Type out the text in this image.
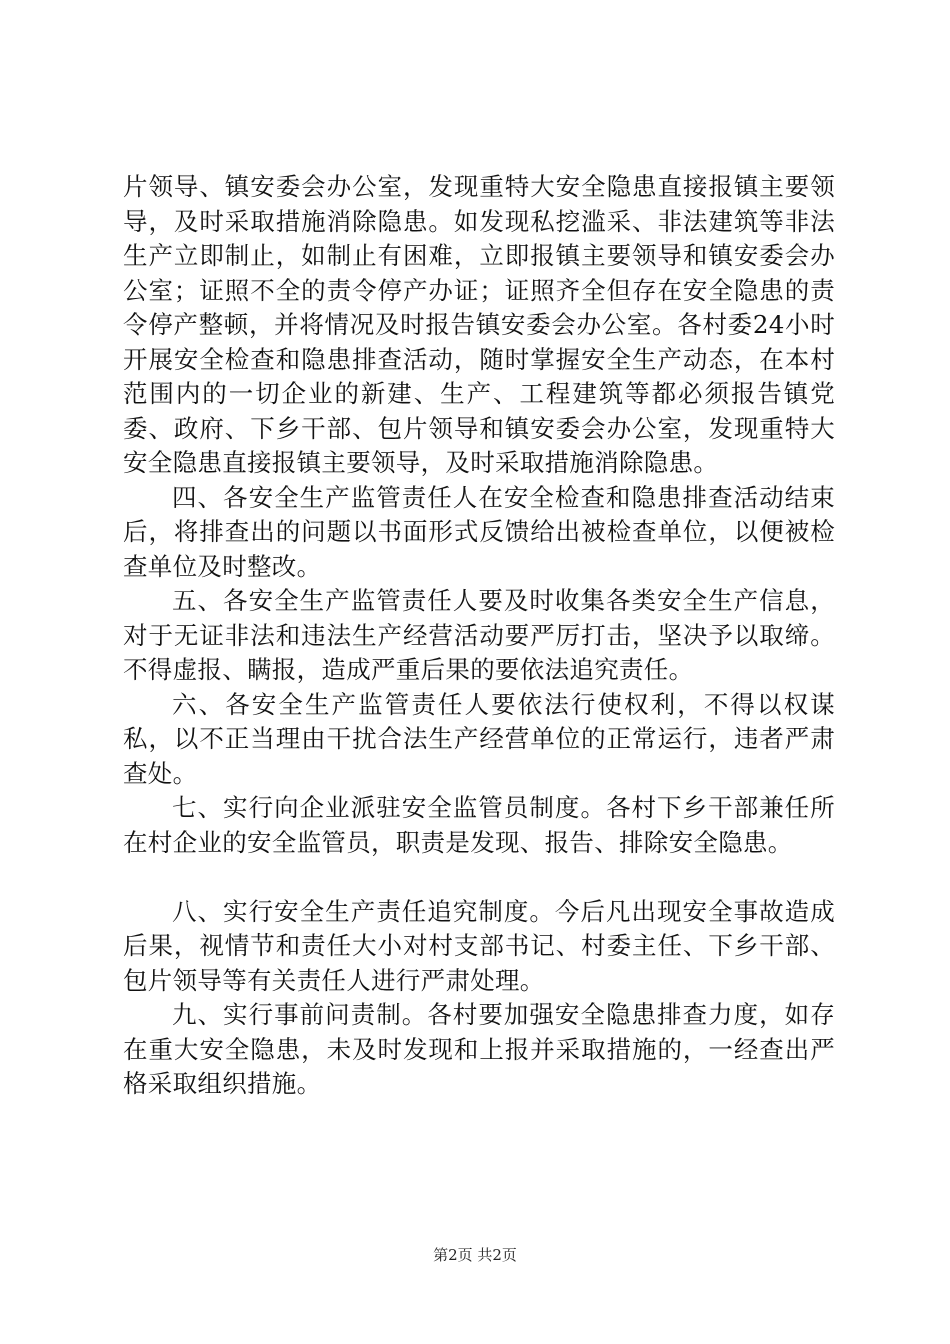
片领导、镇安委会办公室，发现重特大安全隐患直接报镇主要领导，及时采取措施消除隐患。如发现私挖滥采、非法建筑等非法生产立即制止，如制止有困难，立即报镇主要领导和镇安委会办公室；证照不全的责令停产办证；证照齐全但存在安全隐患的责令停产整顿，并将情况及时报告镇安委会办公室。各村委24小时开展安全检查和隐患排查活动，随时掌握安全生产动态，在本村范围内的一切企业的新建、生产、工程建筑等都必须报告镇党委、政府、下乡干部、包片领导和镇安委会办公室，发现重特大安全隐患直接报镇主要领导，及时采取措施消除隐患。

四、各安全生产监管责任人在安全检查和隐患排查活动结束后，将排查出的问题以书面形式反馈给出被检查单位，以便被检查单位及时整改。

五、各安全生产监管责任人要及时收集各类安全生产信息，对于无证非法和违法生产经营活动要严厉打击，坚决予以取缔。不得虚报、瞒报，造成严重后果的要依法追究责任。

六、各安全生产监管责任人要依法行使权利，不得以权谋私，以不正当理由干扰合法生产经营单位的正常运行，违者严肃查处。

七、实行向企业派驻安全监管员制度。各村下乡干部兼任所在村企业的安全监管员，职责是发现、报告、排除安全隐患。

八、实行安全生产责任追究制度。今后凡出现安全事故造成后果，视情节和责任大小对村支部书记、村委主任、下乡干部、包片领导等有关责任人进行严肃处理。

九、实行事前问责制。各村要加强安全隐患排查力度，如存在重大安全隐患，未及时发现和上报并采取措施的，一经查出严格采取组织措施。

第2页 共2页
